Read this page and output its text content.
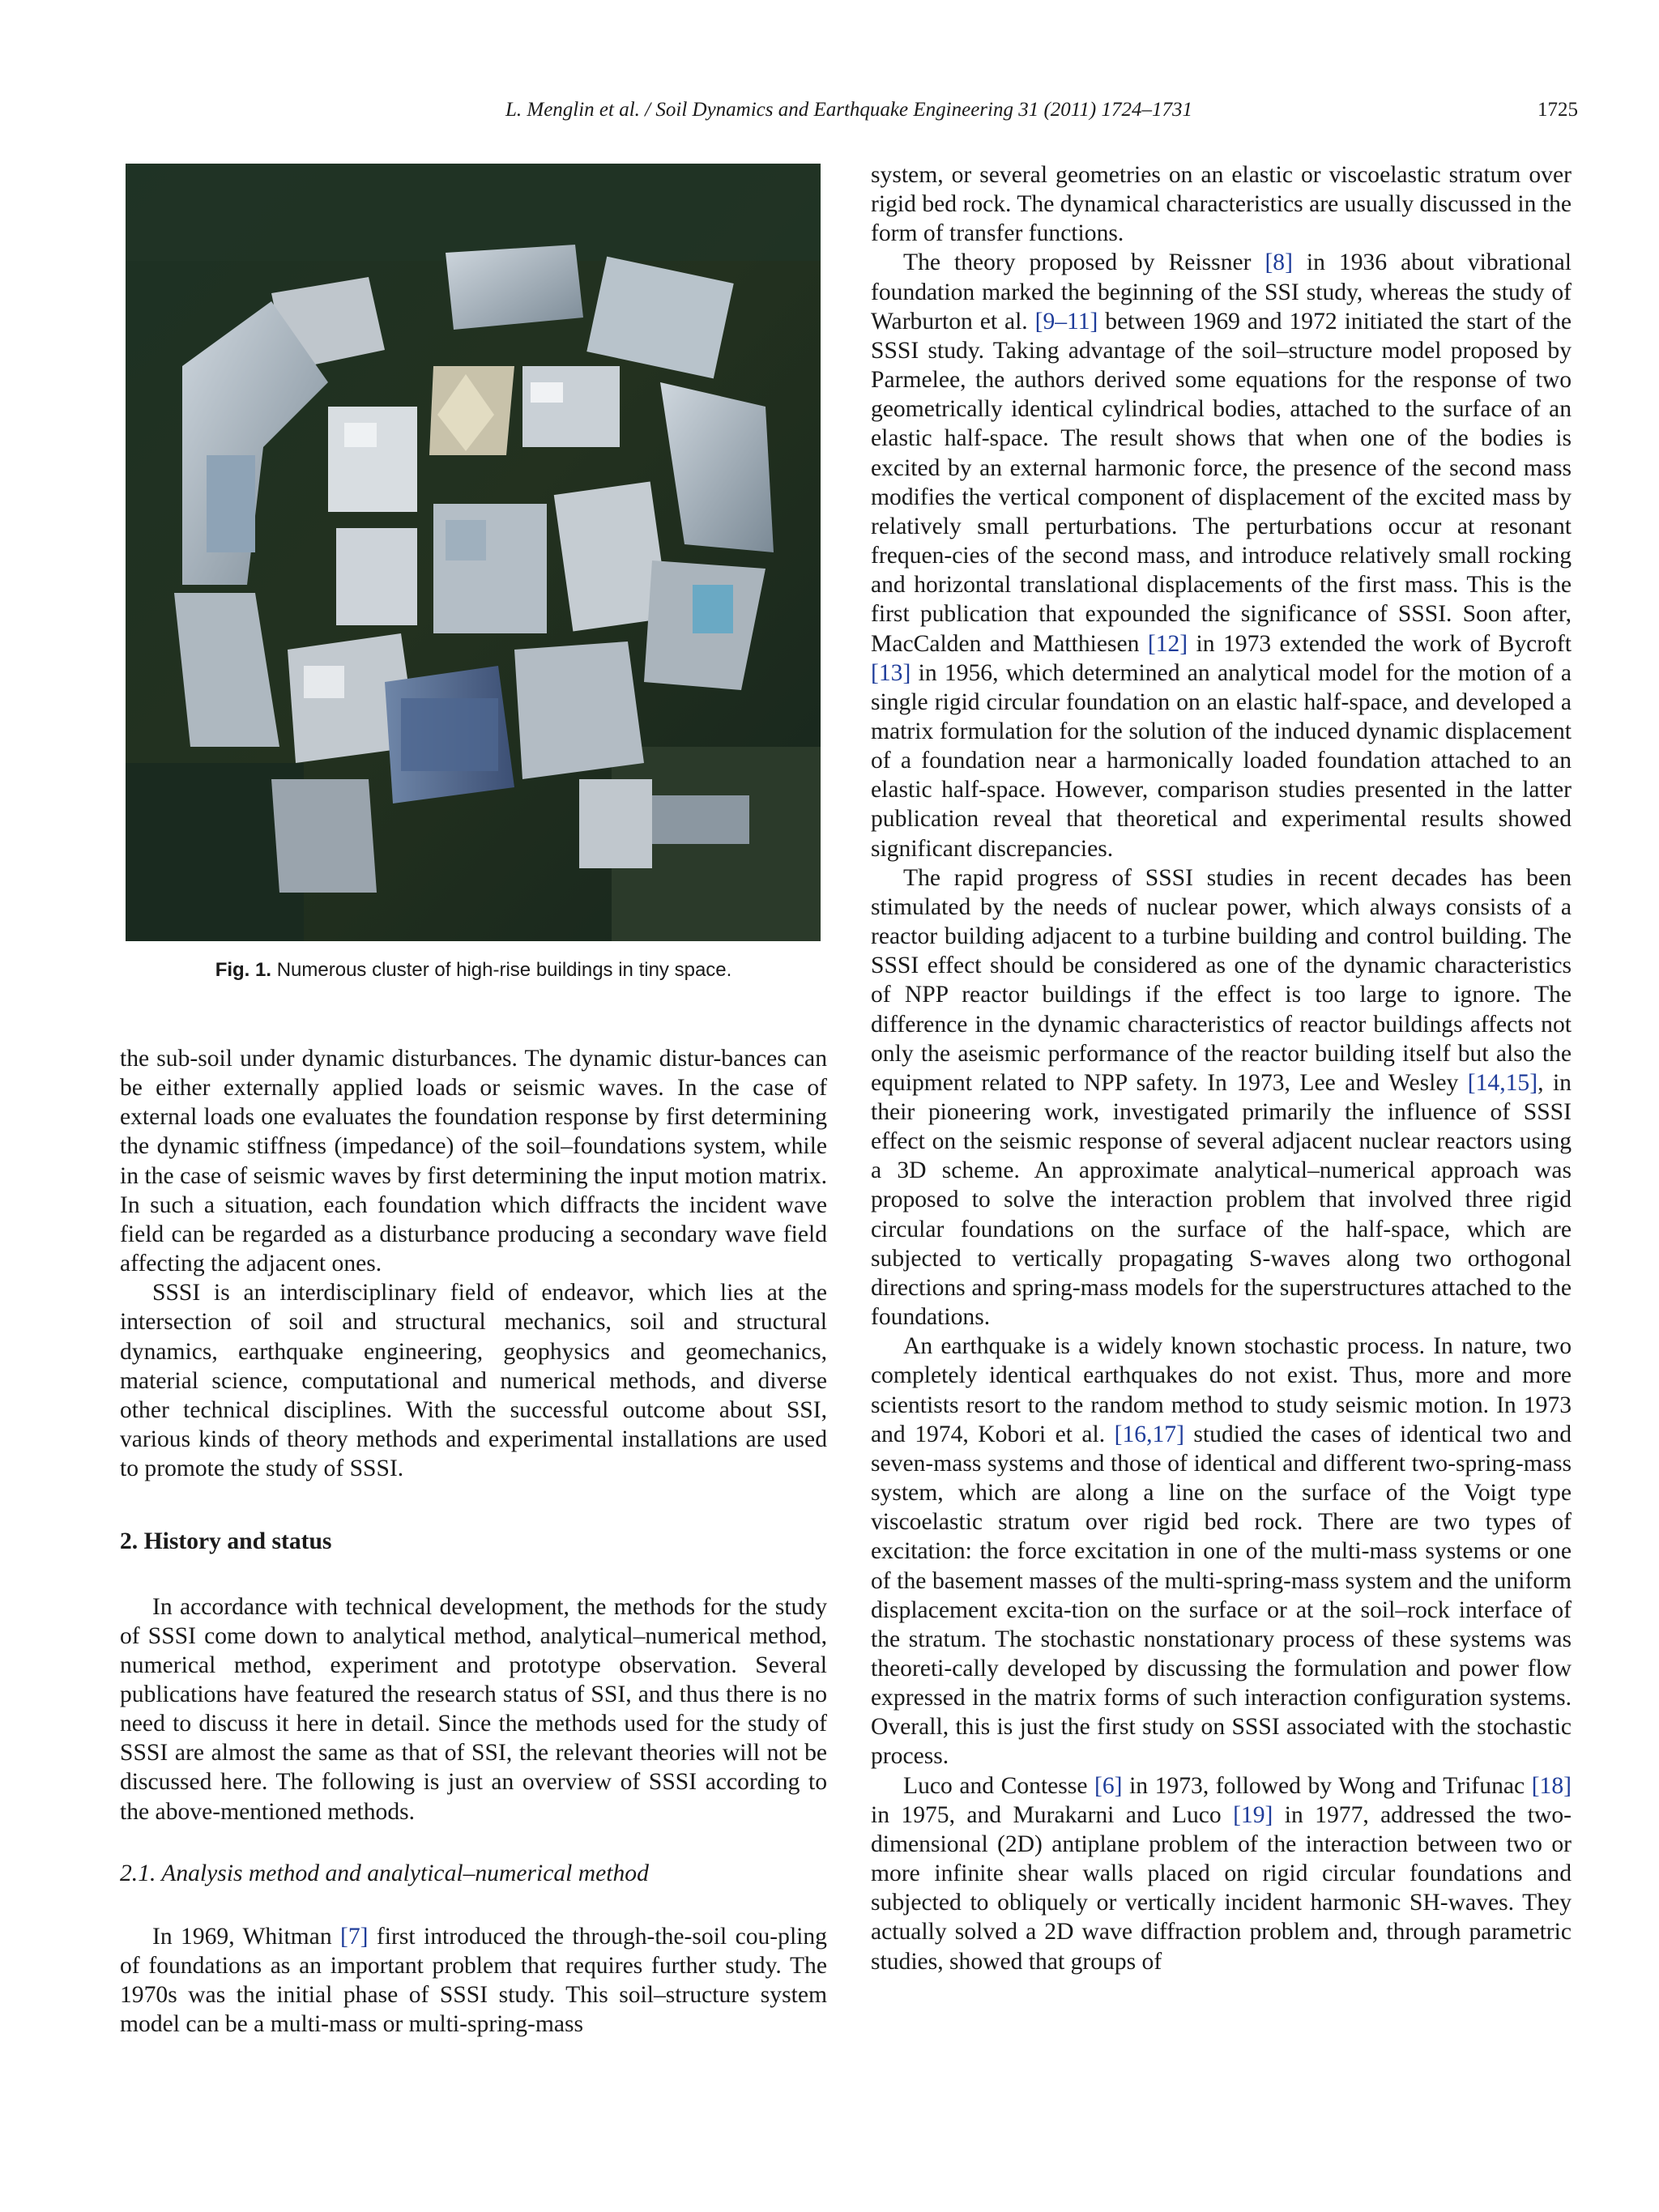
L. Menglin et al. / Soil Dynamics and Earthquake Engineering 31 (2011) 1724–1731	1725
Fig. 1. Numerous cluster of high-rise buildings in tiny space.

the sub-soil under dynamic disturbances. The dynamic distur-bances can be either externally applied loads or seismic waves. In the case of external loads one evaluates the foundation response by first determining the dynamic stiffness (impedance) of the soil–foundations system, while in the case of seismic waves by first determining the input motion matrix. In such a situation, each foundation which diffracts the incident wave field can be regarded as a disturbance producing a secondary wave field affecting the adjacent ones.

SSSI is an interdisciplinary field of endeavor, which lies at the intersection of soil and structural mechanics, soil and structural dynamics, earthquake engineering, geophysics and geomechanics, material science, computational and numerical methods, and diverse other technical disciplines. With the successful outcome about SSI, various kinds of theory methods and experimental installations are used to promote the study of SSSI.

2. History and status

In accordance with technical development, the methods for the study of SSSI come down to analytical method, analytical–numerical method, numerical method, experiment and prototype observation. Several publications have featured the research status of SSI, and thus there is no need to discuss it here in detail. Since the methods used for the study of SSSI are almost the same as that of SSI, the relevant theories will not be discussed here. The following is just an overview of SSSI according to the above-mentioned methods.

2.1. Analysis method and analytical–numerical method

In 1969, Whitman [7] first introduced the through-the-soil cou-pling of foundations as an important problem that requires further study. The 1970s was the initial phase of SSSI study. This soil–structure system model can be a multi-mass or multi-spring-mass

system, or several geometries on an elastic or viscoelastic stratum over rigid bed rock. The dynamical characteristics are usually discussed in the form of transfer functions.

The theory proposed by Reissner [8] in 1936 about vibrational foundation marked the beginning of the SSI study, whereas the study of Warburton et al. [9–11] between 1969 and 1972 initiated the start of the SSSI study. Taking advantage of the soil–structure model proposed by Parmelee, the authors derived some equations for the response of two geometrically identical cylindrical bodies, attached to the surface of an elastic half-space. The result shows that when one of the bodies is excited by an external harmonic force, the presence of the second mass modifies the vertical component of displacement of the excited mass by relatively small perturbations. The perturbations occur at resonant frequen-cies of the second mass, and introduce relatively small rocking and horizontal translational displacements of the first mass. This is the first publication that expounded the significance of SSSI. Soon after, MacCalden and Matthiesen [12] in 1973 extended the work of Bycroft [13] in 1956, which determined an analytical model for the motion of a single rigid circular foundation on an elastic half-space, and developed a matrix formulation for the solution of the induced dynamic displacement of a foundation near a harmonically loaded foundation attached to an elastic half-space. However, comparison studies presented in the latter publication reveal that theoretical and experimental results showed significant discrepancies.

The rapid progress of SSSI studies in recent decades has been stimulated by the needs of nuclear power, which always consists of a reactor building adjacent to a turbine building and control building. The SSSI effect should be considered as one of the dynamic characteristics of NPP reactor buildings if the effect is too large to ignore. The difference in the dynamic characteristics of reactor buildings affects not only the aseismic performance of the reactor building itself but also the equipment related to NPP safety. In 1973, Lee and Wesley [14,15], in their pioneering work, investigated primarily the influence of SSSI effect on the seismic response of several adjacent nuclear reactors using a 3D scheme. An approximate analytical–numerical approach was proposed to solve the interaction problem that involved three rigid circular foundations on the surface of the half-space, which are subjected to vertically propagating S-waves along two orthogonal directions and spring-mass models for the superstructures attached to the foundations.

An earthquake is a widely known stochastic process. In nature, two completely identical earthquakes do not exist. Thus, more and more scientists resort to the random method to study seismic motion. In 1973 and 1974, Kobori et al. [16,17] studied the cases of identical two and seven-mass systems and those of identical and different two-spring-mass system, which are along a line on the surface of the Voigt type viscoelastic stratum over rigid bed rock. There are two types of excitation: the force excitation in one of the multi-mass systems or one of the basement masses of the multi-spring-mass system and the uniform displacement excita-tion on the surface or at the soil–rock interface of the stratum. The stochastic nonstationary process of these systems was theoreti-cally developed by discussing the formulation and power flow expressed in the matrix forms of such interaction configuration systems. Overall, this is just the first study on SSSI associated with the stochastic process.

Luco and Contesse [6] in 1973, followed by Wong and Trifunac [18] in 1975, and Murakarni and Luco [19] in 1977, addressed the two-dimensional (2D) antiplane problem of the interaction between two or more infinite shear walls placed on rigid circular foundations and subjected to obliquely or vertically incident harmonic SH-waves. They actually solved a 2D wave diffraction problem and, through parametric studies, showed that groups of
